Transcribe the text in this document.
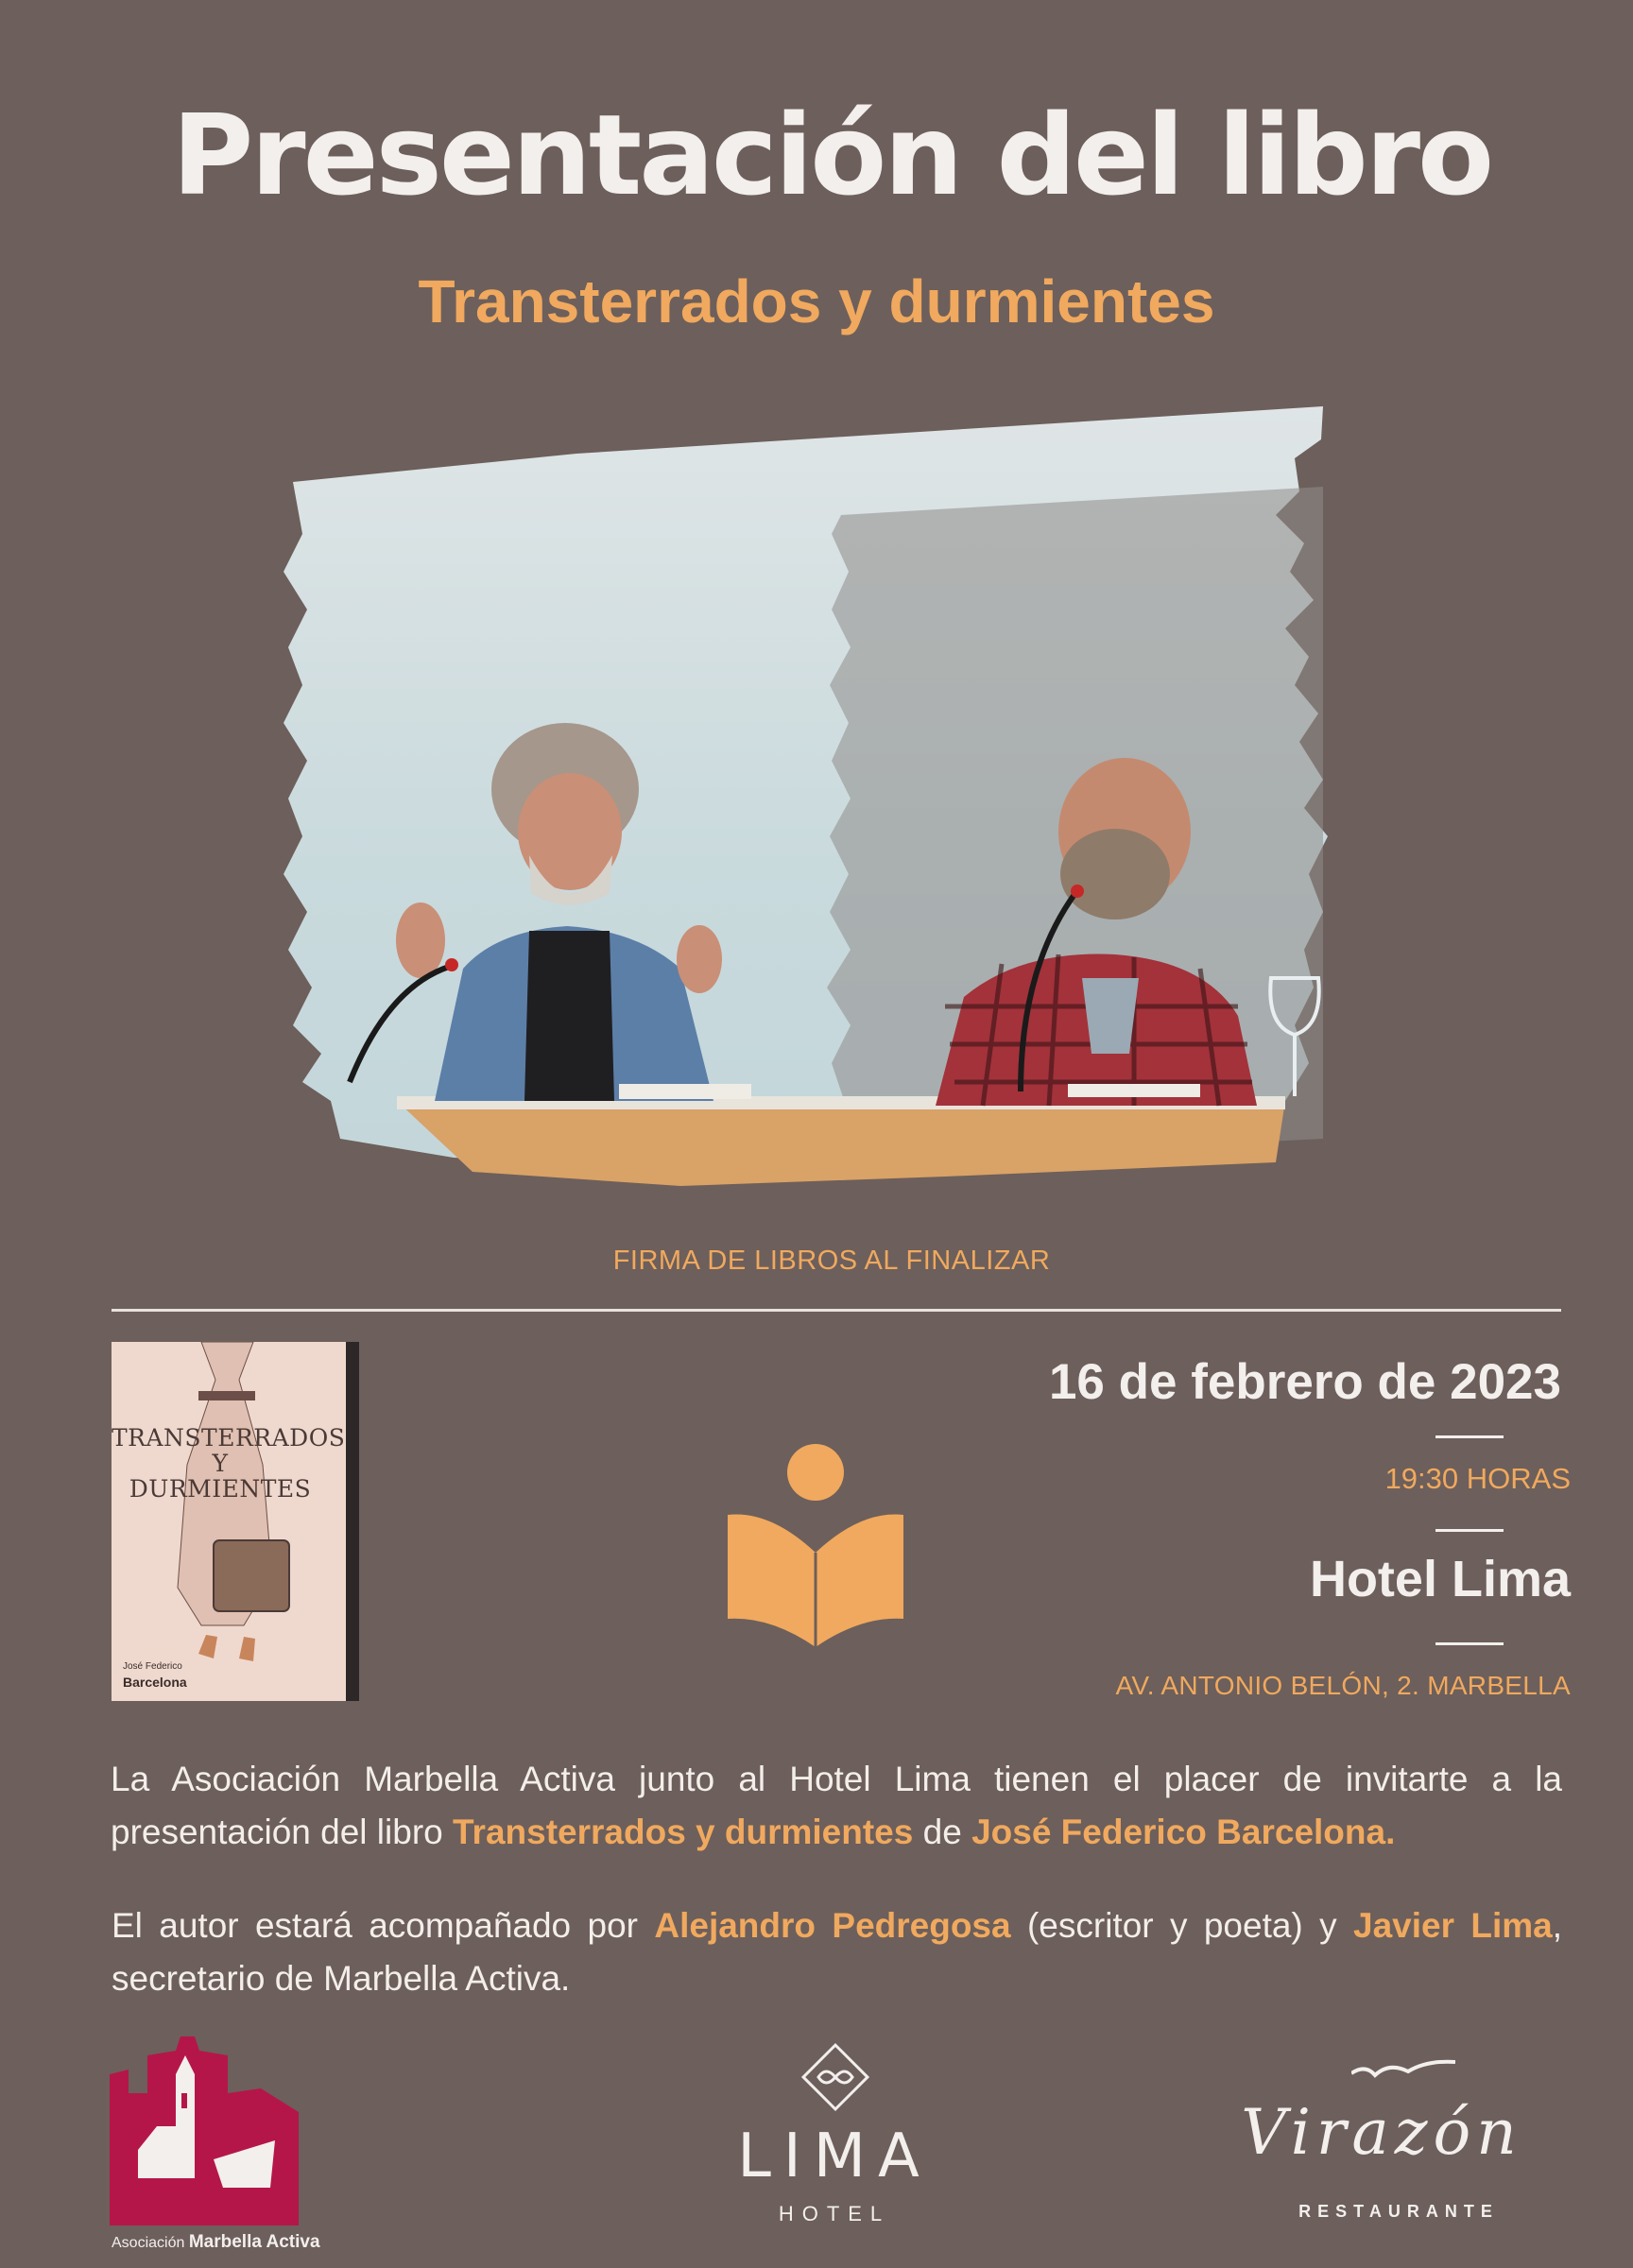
Presentación del libro
Transterrados y durmientes
FIRMA DE LIBROS AL FINALIZAR
TRANSTERRADOS Y
DURMIENTES
José Federico
Barcelona
16 de febrero de 2023
19:30 HORAS
Hotel Lima
AV. ANTONIO BELÓN, 2. MARBELLA
La Asociación Marbella Activa junto al Hotel Lima tienen el placer de invitarte a la presentación del libro Transterrados y durmientes de José Federico Barcelona.
El autor estará acompañado por Alejandro Pedregosa (escritor y poeta) y Javier Lima, secretario de Marbella Activa.
Asociación Marbella Activa
LIMA
HOTEL
Virazón
RESTAURANTE
